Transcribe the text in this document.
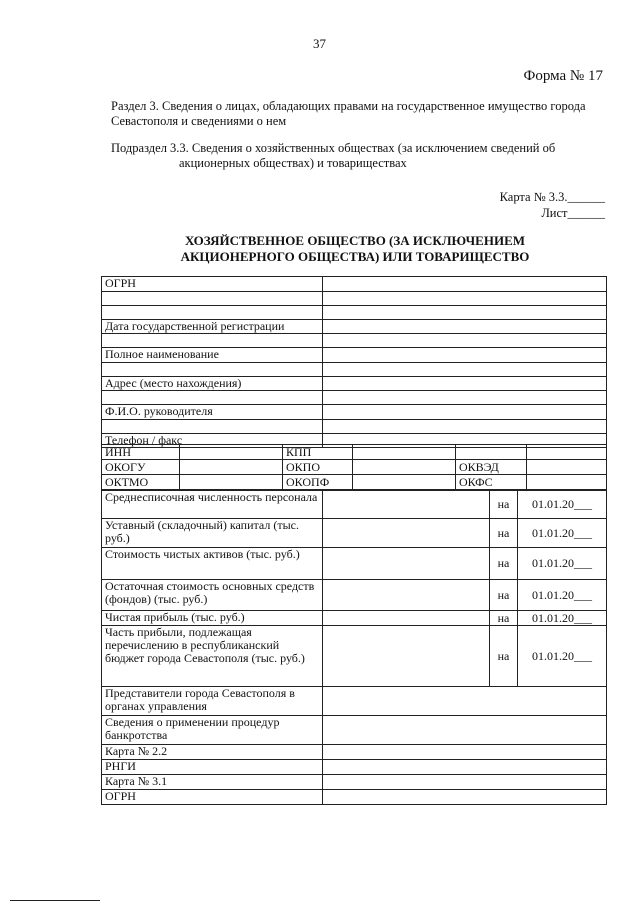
37
Форма № 17
Раздел 3. Сведения о лицах, обладающих правами на государственное имущество города Севастополя и сведениями о нем
Подраздел 3.3. Сведения о хозяйственных обществах (за исключением сведений об
акционерных обществах) и товариществах
Карта № 3.3.______
Лист______
ХОЗЯЙСТВЕННОЕ ОБЩЕСТВО (ЗА ИСКЛЮЧЕНИЕМ
АКЦИОНЕРНОГО ОБЩЕСТВА) ИЛИ ТОВАРИЩЕСТВО
ОГРН	

Дата государственной регистрации	

Полное наименование	

Адрес (место нахождения)	

Ф.И.О. руководителя	

Телефон / факс	
ИНН		КПП			
ОКОГУ		ОКПО		ОКВЭД	
ОКТМО		ОКОПФ		ОКФС	
Среднесписочная численность персонала		на	01.01.20___
Уставный (складочный) капитал (тыс. руб.)		на	01.01.20___
Стоимость чистых активов (тыс. руб.)		на	01.01.20___
Остаточная стоимость основных средств (фондов) (тыс. руб.)		на	01.01.20___
Чистая прибыль (тыс. руб.)		на	01.01.20___
Часть прибыли, подлежащая перечислению в республиканский бюджет города Севастополя (тыс. руб.)		на	01.01.20___
Представители города Севастополя в органах управления			
Сведения о применении процедур банкротства			
Карта № 2.2			
РНГИ			
Карта № 3.1			
ОГРН			
